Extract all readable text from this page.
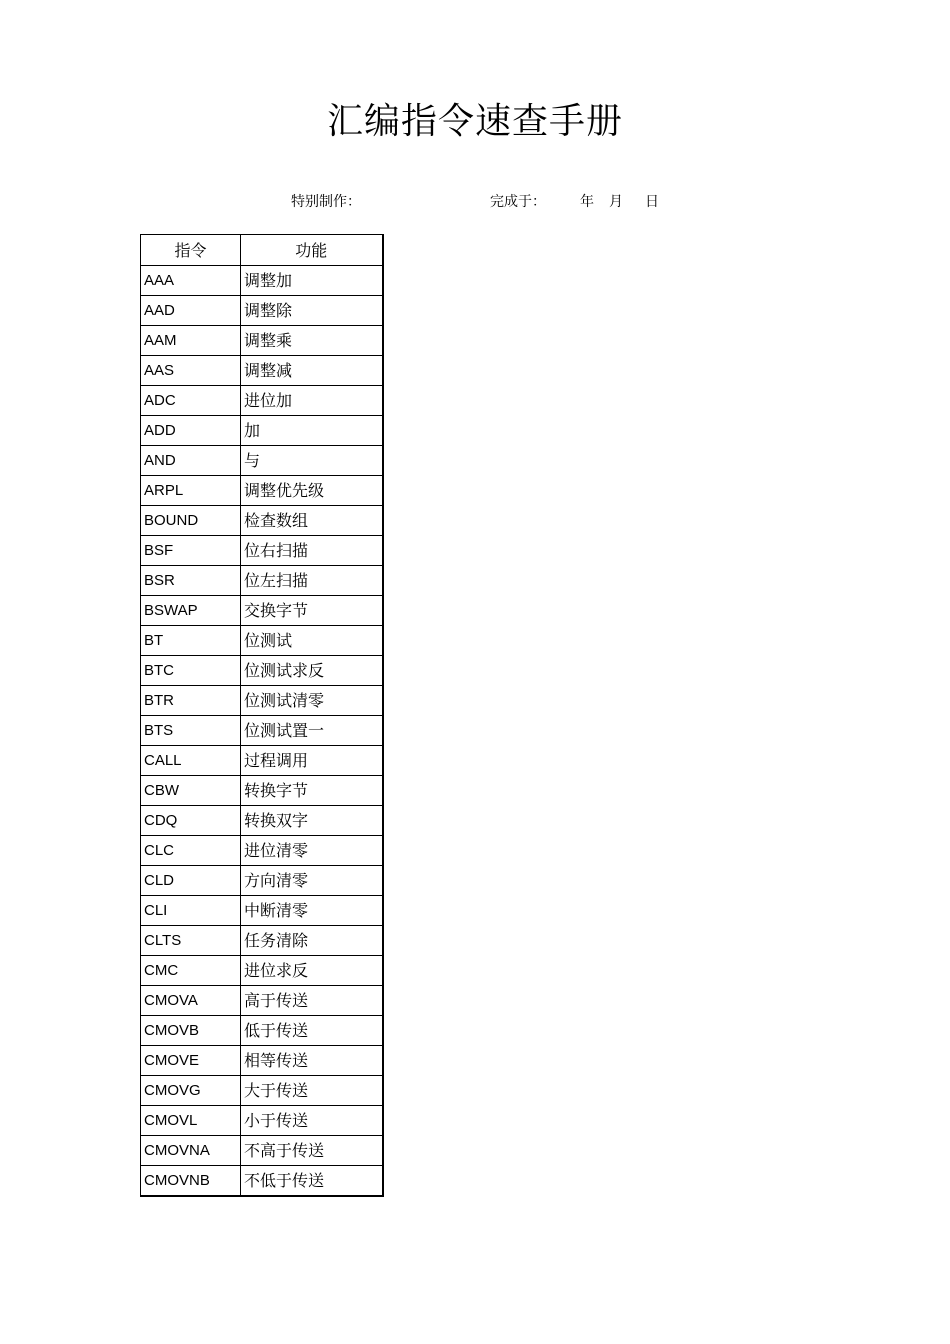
汇编指令速查手册
特别制作：	完成于： 年 月 日
指令	功能
AAA	调整加
AAD	调整除
AAM	调整乘
AAS	调整减
ADC	进位加
ADD	加
AND	与
ARPL	调整优先级
BOUND	检查数组
BSF	位右扫描
BSR	位左扫描
BSWAP	交换字节
BT	位测试
BTC	位测试求反
BTR	位测试清零
BTS	位测试置一
CALL	过程调用
CBW	转换字节
CDQ	转换双字
CLC	进位清零
CLD	方向清零
CLI	中断清零
CLTS	任务清除
CMC	进位求反
CMOVA	高于传送
CMOVB	低于传送
CMOVE	相等传送
CMOVG	大于传送
CMOVL	小于传送
CMOVNA	不高于传送
CMOVNB	不低于传送
